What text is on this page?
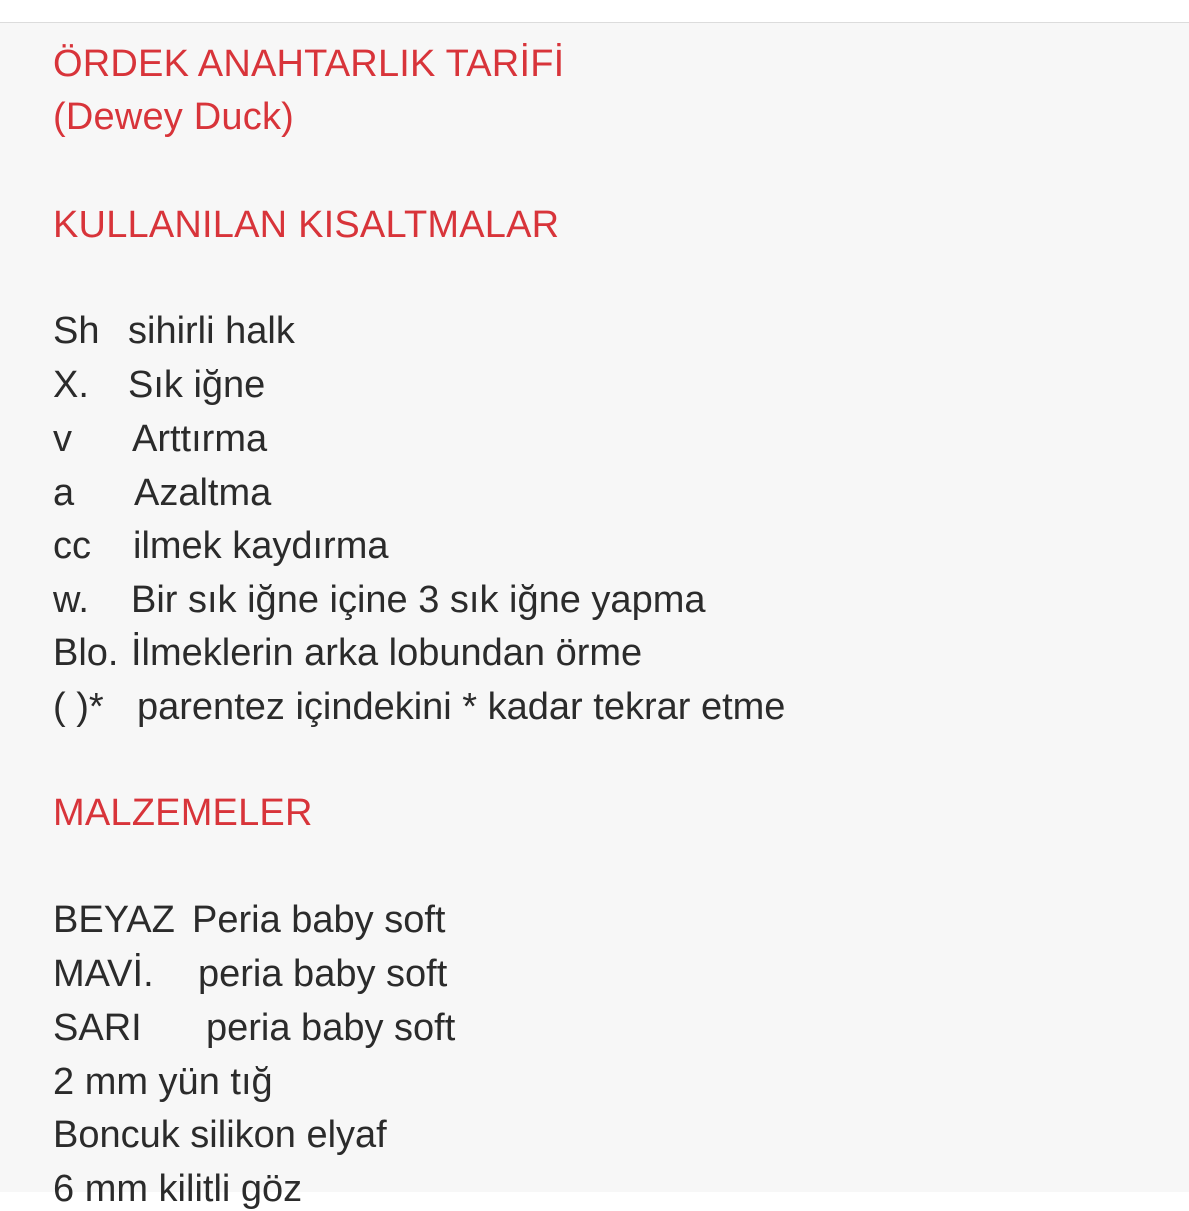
ÖRDEK ANAHTARLIK TARİFİ
(Dewey Duck)
KULLANILAN KISALTMALAR
Sh sihirli halk
X. Sık iğne
v Arttırma
a Azaltma
cc ilmek kaydırma
w. Bir sık iğne içine 3 sık iğne yapma
Blo. İlmeklerin arka lobundan örme
( )* parentez içindekini * kadar tekrar etme
MALZEMELER
BEYAZ Peria baby soft
MAVİ. peria baby soft
SARI peria baby soft
2 mm yün tığ
Boncuk silikon elyaf
6 mm kilitli göz
